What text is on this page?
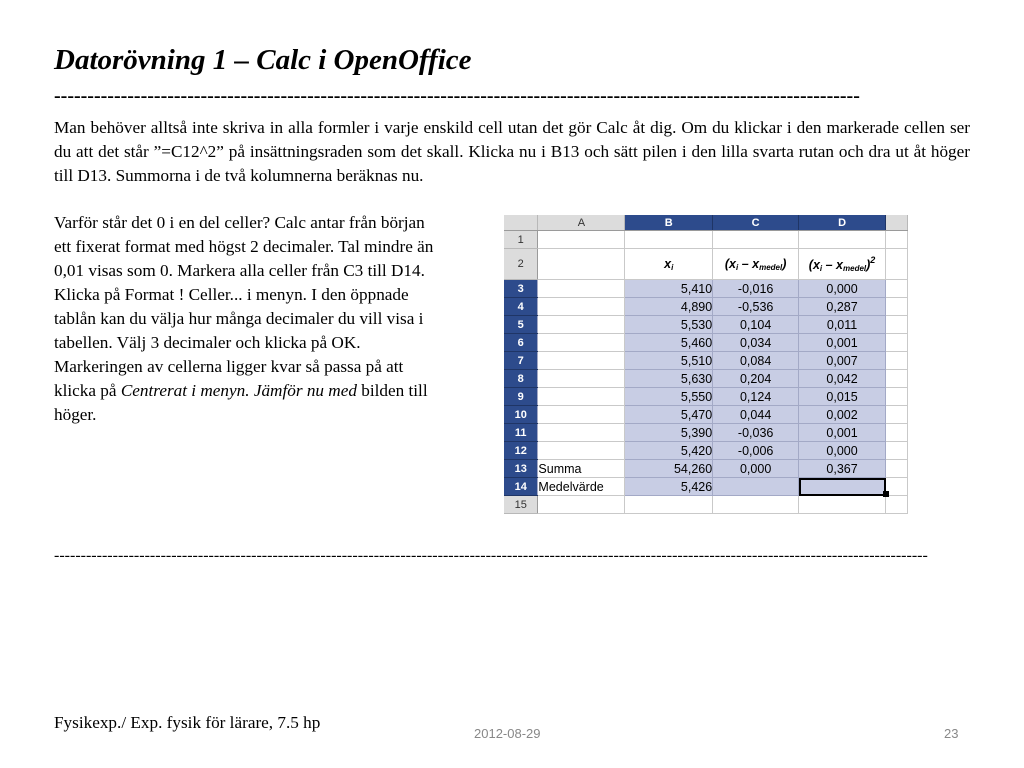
Datorövning 1 – Calc i OpenOffice
-------------------------------------------------------------------------------------------------------------------------

Man behöver alltså inte skriva in alla formler i varje enskild cell utan det gör Calc åt dig. Om du klickar i den markerade cellen ser du att det står ”=C12^2” på insättningsraden som det skall. Klicka nu i B13 och sätt pilen i den lilla svarta rutan och dra ut åt höger till D13. Summorna i de två kolumnerna beräknas nu.

Varför står det 0 i en del celler? Calc antar från början ett fixerat format med högst 2 decimaler. Tal mindre än 0,01 visas som 0. Markera alla celler från C3 till D14. Klicka på Format ! Celler... i menyn. I den öppnade tablån kan du välja hur många decimaler du vill visa i tabellen. Välj 3 decimaler och klicka på OK. Markeringen av cellerna ligger kvar så passa på att klicka på Centrerat i menyn. Jämför nu med bilden till höger.

	A	B	C	D	
1					
2		$x_i$	$(x_i - x_{medel})$	$(x_i - x_{medel})^2$	
3		5,410	-0,016	0,000	
4		4,890	-0,536	0,287	
5		5,530	0,104	0,011	
6		5,460	0,034	0,001	
7		5,510	0,084	0,007	
8		5,630	0,204	0,042	
9		5,550	0,124	0,015	
10		5,470	0,044	0,002	
11		5,390	-0,036	0,001	
12		5,420	-0,006	0,000	
13	Summa	54,260	0,000	0,367	
14	Medelvärde	5,426			
15					
--------------------------------------------------------------------------------------------------------------------------------------------------------------------
Fysikexp./ Exp. fysik för lärare, 7.5 hp
2012-08-29	23
